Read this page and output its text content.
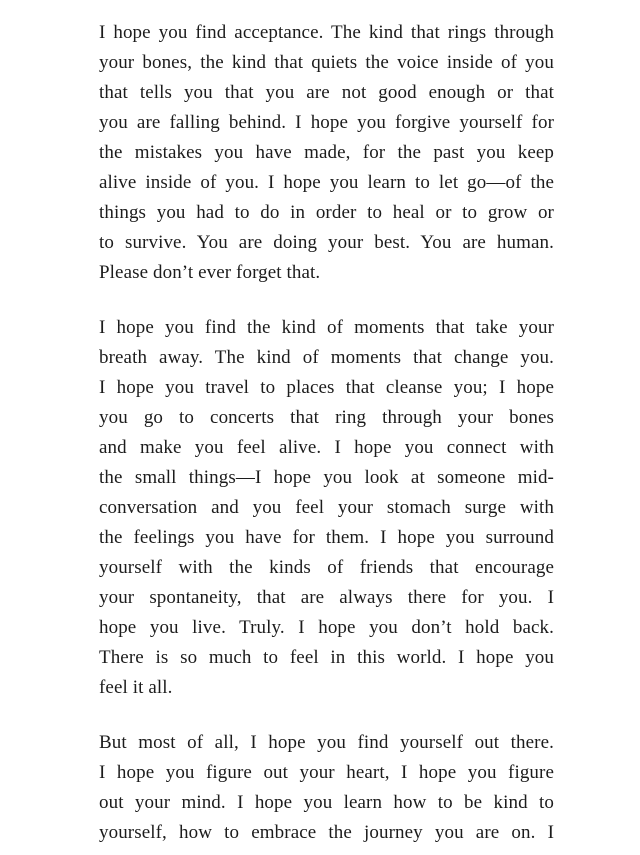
I hope you find acceptance. The kind that rings through
your bones, the kind that quiets the voice inside of you
that tells you that you are not good enough or that
you are falling behind. I hope you forgive yourself for
the mistakes you have made, for the past you keep
alive inside of you. I hope you learn to let go—of the
things you had to do in order to heal or to grow or
to survive. You are doing your best. You are human.
Please don’t ever forget that.
I hope you find the kind of moments that take your
breath away. The kind of moments that change you.
I hope you travel to places that cleanse you; I hope
you go to concerts that ring through your bones
and make you feel alive. I hope you connect with
the small things—I hope you look at someone mid-
conversation and you feel your stomach surge with
the feelings you have for them. I hope you surround
yourself with the kinds of friends that encourage
your spontaneity, that are always there for you. I
hope you live. Truly. I hope you don’t hold back.
There is so much to feel in this world. I hope you
feel it all.
But most of all, I hope you find yourself out there.
I hope you figure out your heart, I hope you figure
out your mind. I hope you learn how to be kind to
yourself, how to embrace the journey you are on. I
